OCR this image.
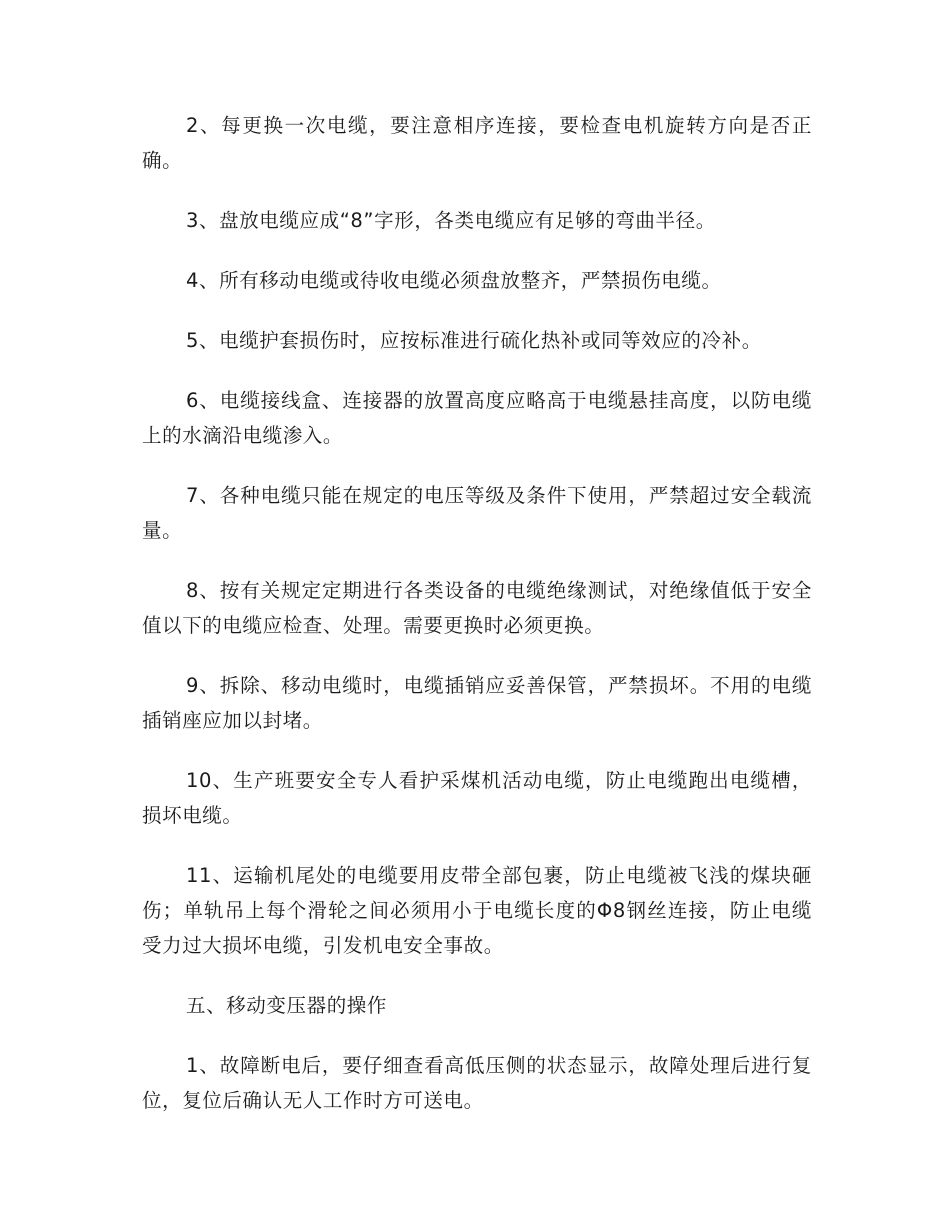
2、每更换一次电缆，要注意相序连接，要检查电机旋转方向是否正确。

3、盘放电缆应成“8”字形，各类电缆应有足够的弯曲半径。

4、所有移动电缆或待收电缆必须盘放整齐，严禁损伤电缆。

5、电缆护套损伤时，应按标准进行硫化热补或同等效应的冷补。

6、电缆接线盒、连接器的放置高度应略高于电缆悬挂高度，以防电缆上的水滴沿电缆渗入。

7、各种电缆只能在规定的电压等级及条件下使用，严禁超过安全载流量。

8、按有关规定定期进行各类设备的电缆绝缘测试，对绝缘值低于安全值以下的电缆应检查、处理。需要更换时必须更换。

9、拆除、移动电缆时，电缆插销应妥善保管，严禁损坏。不用的电缆插销座应加以封堵。

10、生产班要安全专人看护采煤机活动电缆，防止电缆跑出电缆槽，损坏电缆。

11、运输机尾处的电缆要用皮带全部包裹，防止电缆被飞浅的煤块砸伤；单轨吊上每个滑轮之间必须用小于电缆长度的Φ8钢丝连接，防止电缆受力过大损坏电缆，引发机电安全事故。

五、移动变压器的操作

1、故障断电后，要仔细查看高低压侧的状态显示，故障处理后进行复位，复位后确认无人工作时方可送电。
